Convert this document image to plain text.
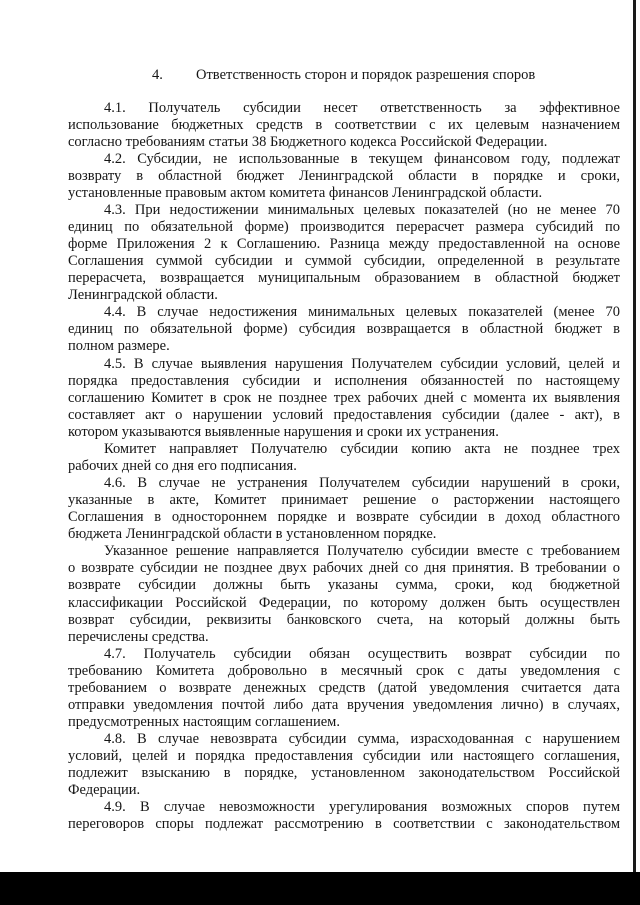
4. Ответственность сторон и порядок разрешения споров
4.1. Получатель субсидии несет ответственность за эффективное
использование бюджетных средств в соответствии с их целевым назначением
согласно требованиям статьи 38 Бюджетного кодекса Российской Федерации.
4.2. Субсидии, не использованные в текущем финансовом году, подлежат
возврату в областной бюджет Ленинградской области в порядке и сроки,
установленные правовым актом комитета финансов Ленинградской области.
4.3. При недостижении минимальных целевых показателей (но не менее 70
единиц по обязательной форме) производится перерасчет размера субсидий по
форме Приложения 2 к Соглашению. Разница между предоставленной на основе
Соглашения суммой субсидии и суммой субсидии, определенной в результате
перерасчета, возвращается муниципальным образованием в областной бюджет
Ленинградской области.
4.4. В случае недостижения минимальных целевых показателей (менее 70
единиц по обязательной форме) субсидия возвращается в областной бюджет в
полном размере.
4.5. В случае выявления нарушения Получателем субсидии условий, целей и
порядка предоставления субсидии и исполнения обязанностей по настоящему
соглашению Комитет в срок не позднее трех рабочих дней с момента их выявления
составляет акт о нарушении условий предоставления субсидии (далее - акт), в
котором указываются выявленные нарушения и сроки их устранения.
Комитет направляет Получателю субсидии копию акта не позднее трех
рабочих дней со дня его подписания.
4.6. В случае не устранения Получателем субсидии нарушений в сроки,
указанные в акте, Комитет принимает решение о расторжении настоящего
Соглашения в одностороннем порядке и возврате субсидии в доход областного
бюджета Ленинградской области в установленном порядке.
Указанное решение направляется Получателю субсидии вместе с требованием
о возврате субсидии не позднее двух рабочих дней со дня принятия. В требовании о
возврате субсидии должны быть указаны сумма, сроки, код бюджетной
классификации Российской Федерации, по которому должен быть осуществлен
возврат субсидии, реквизиты банковского счета, на который должны быть
перечислены средства.
4.7. Получатель субсидии обязан осуществить возврат субсидии по
требованию Комитета добровольно в месячный срок с даты уведомления с
требованием о возврате денежных средств (датой уведомления считается дата
отправки уведомления почтой либо дата вручения уведомления лично) в случаях,
предусмотренных настоящим соглашением.
4.8. В случае невозврата субсидии сумма, израсходованная с нарушением
условий, целей и порядка предоставления субсидии или настоящего соглашения,
подлежит взысканию в порядке, установленном законодательством Российской
Федерации.
4.9. В случае невозможности урегулирования возможных споров путем
переговоров споры подлежат рассмотрению в соответствии с законодательством
